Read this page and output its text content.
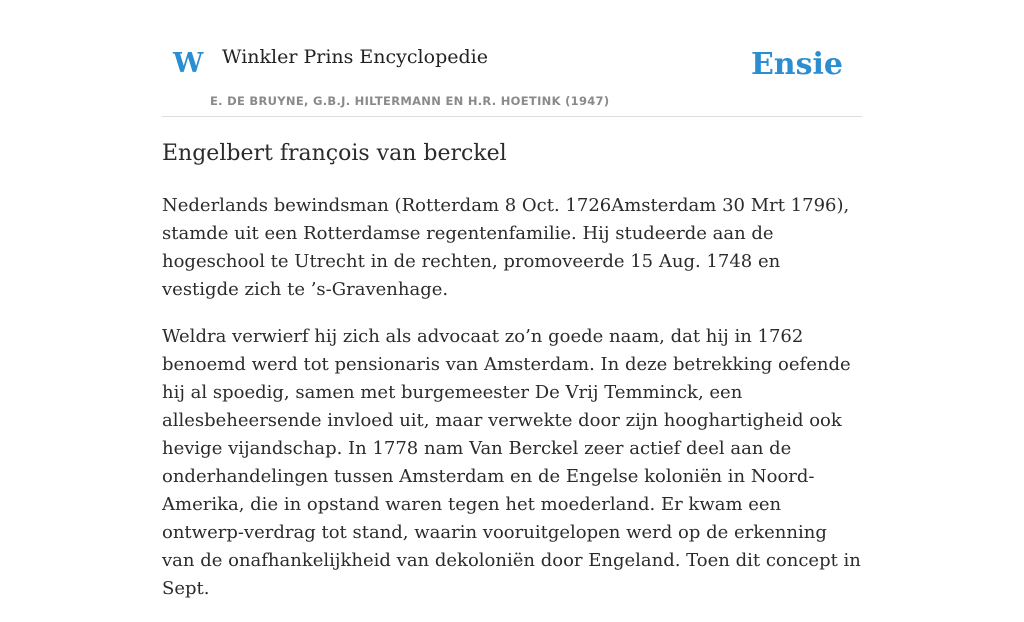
W Winkler Prins Encyclopedie
E. DE BRUYNE, G.B.J. HILTERMANN EN H.R. HOETINK (1947)
Ensie
Engelbert françois van berckel

Nederlands bewindsman (Rotterdam 8 Oct. 1726Amsterdam 30 Mrt 1796), stamde uit een Rotterdamse regentenfamilie. Hij studeerde aan de hogeschool te Utrecht in de rechten, promoveerde 15 Aug. 1748 en vestigde zich te ’s-Gravenhage.

Weldra verwierf hij zich als advocaat zo’n goede naam, dat hij in 1762 benoemd werd tot pensionaris van Amsterdam. In deze betrekking oefende hij al spoedig, samen met burgemeester De Vrij Temminck, een allesbeheersende invloed uit, maar verwekte door zijn hooghartigheid ook hevige vijandschap. In 1778 nam Van Berckel zeer actief deel aan de onderhandelingen tussen Amsterdam en de Engelse koloniën in Noord-Amerika, die in opstand waren tegen het moederland. Er kwam een ontwerp-verdrag tot stand, waarin vooruitgelopen werd op de erkenning van de onafhankelijkheid van dekoloniën door Engeland. Toen dit concept in Sept.
